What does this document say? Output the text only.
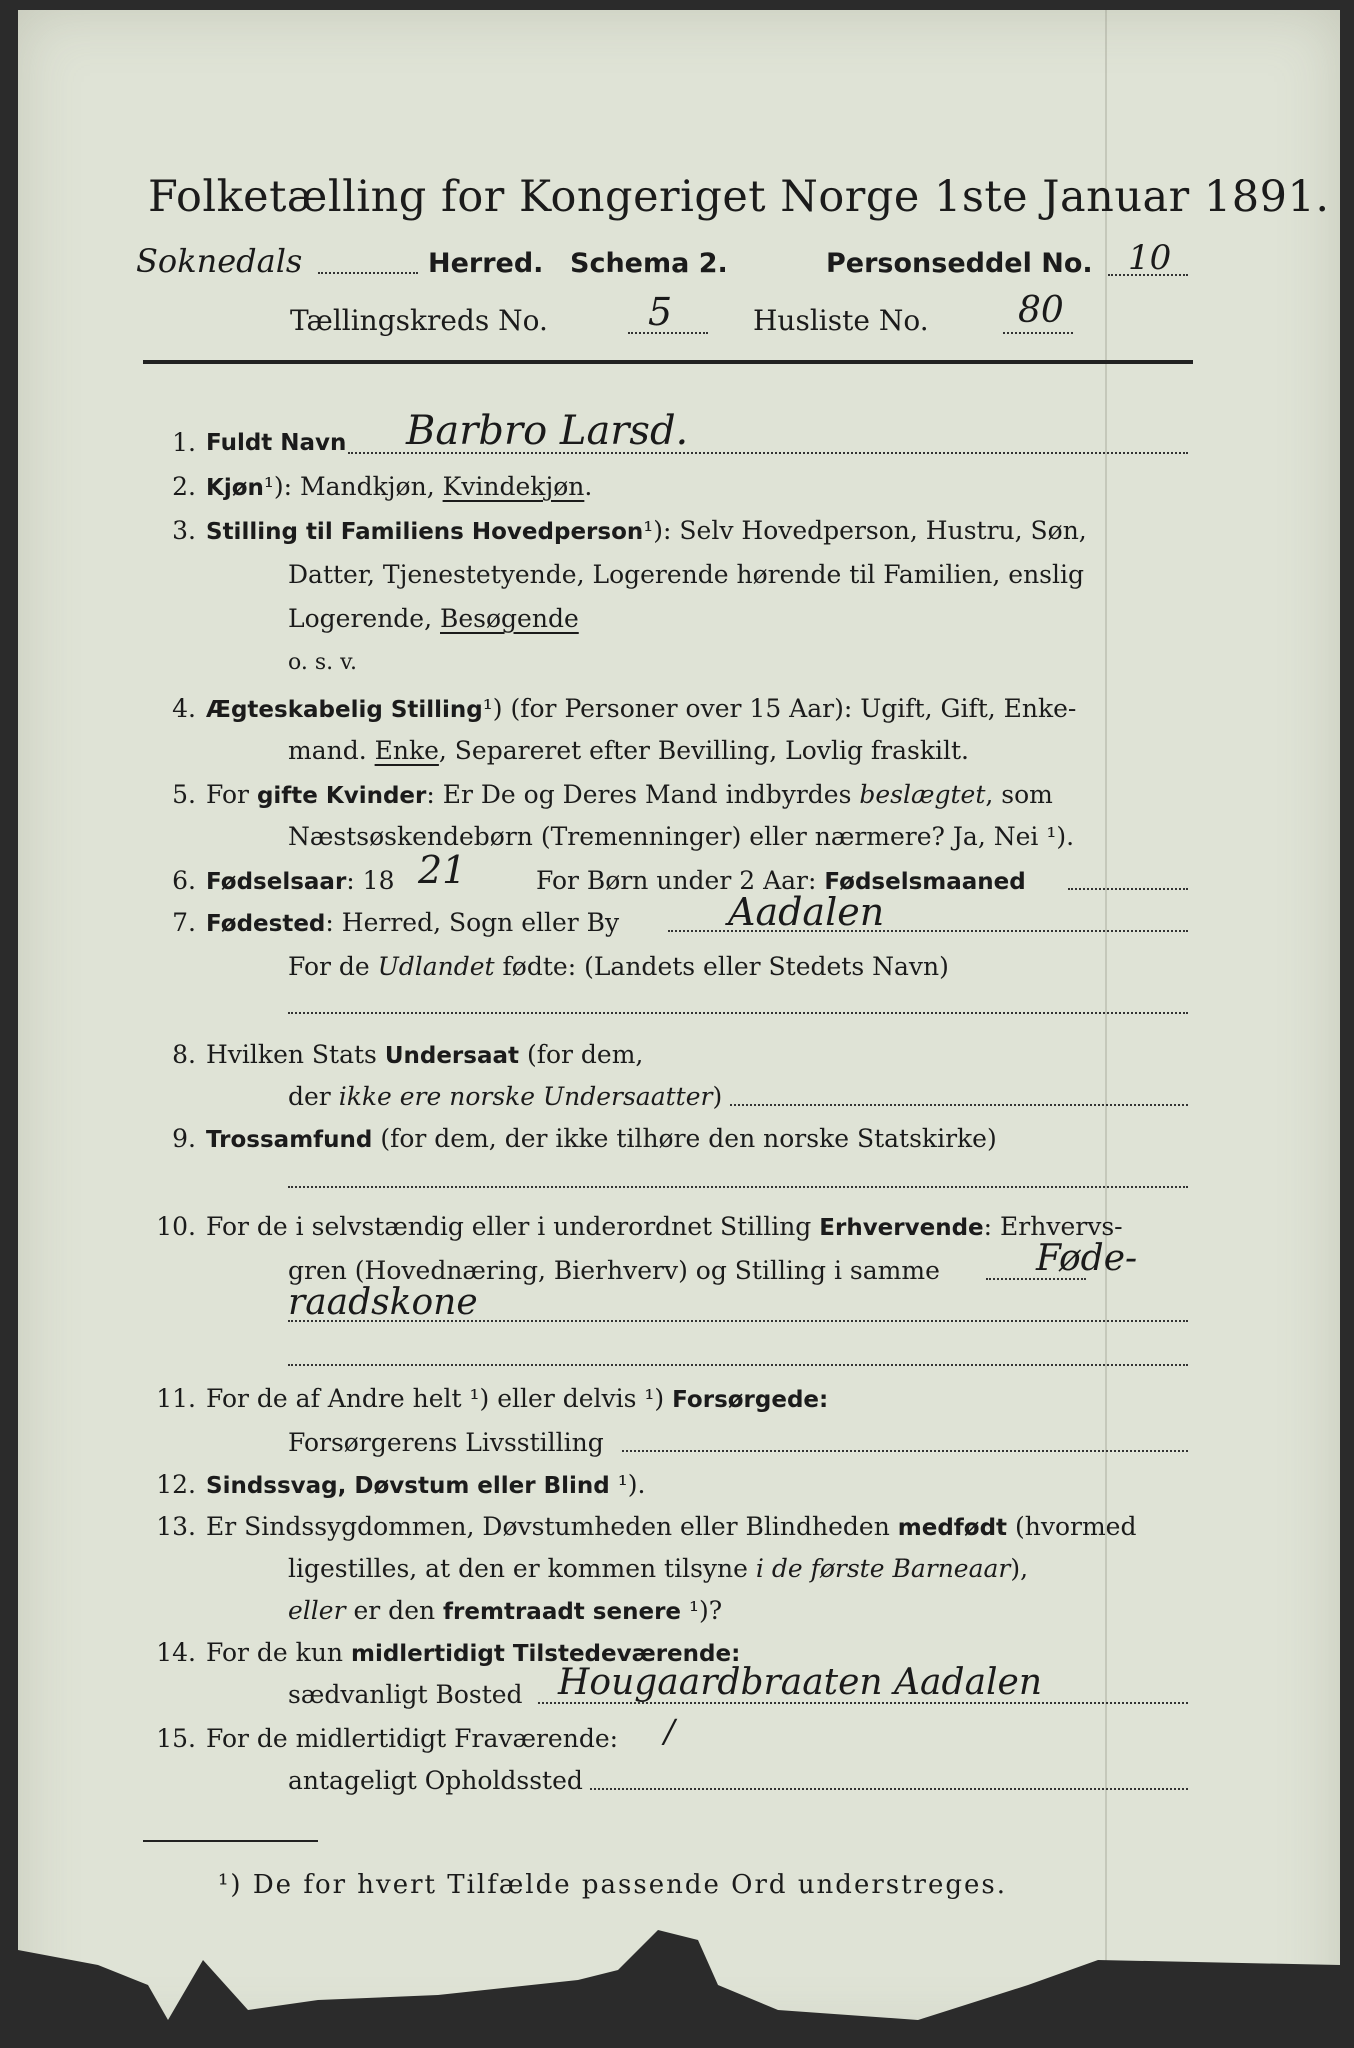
Folketælling for Kongeriget Norge 1ste Januar 1891.
Soknedals	Herred. Schema 2.	Personseddel No. 10
Tællingskreds No.	5	Husliste No. 80
1. Fuldt Navn Barbro Larsd.
2. Kjøn¹): Mandkjøn, Kvindekjøn.
3. Stilling til Familiens Hovedperson¹): Selv Hovedperson, Hustru, Søn,
Datter, Tjenestetyende, Logerende hørende til Familien, enslig
Logerende, Besøgende
o. s. v.
4. Ægteskabelig Stilling¹) (for Personer over 15 Aar): Ugift, Gift, Enke-
mand. Enke, Separeret efter Bevilling, Lovlig fraskilt.
5. For gifte Kvinder: Er De og Deres Mand indbyrdes beslægtet, som
Næstsøskendebørn (Tremenninger) eller nærmere? Ja, Nei ¹).
6. Fødselsaar: 18 21	For Børn under 2 Aar: Fødselsmaaned
7. Fødested: Herred, Sogn eller By	Aadalen
For de Udlandet fødte: (Landets eller Stedets Navn)
8. Hvilken Stats Undersaat (for dem,
der ikke ere norske Undersaatter)
9. Trossamfund (for dem, der ikke tilhøre den norske Statskirke)
10. For de i selvstændig eller i underordnet Stilling Erhvervende: Erhvervs-
gren (Hovednæring, Bierhverv) og Stilling i samme	Føde-
raadskone
11. For de af Andre helt ¹) eller delvis ¹) Forsørgede:
Forsørgerens Livsstilling
12. Sindssvag, Døvstum eller Blind ¹).
13. Er Sindssygdommen, Døvstumheden eller Blindheden medfødt (hvormed
ligestilles, at den er kommen tilsyne i de første Barneaar),
eller er den fremtraadt senere ¹)?
14. For de kun midlertidigt Tilstedeværende:
sædvanligt Bosted Hougaardbraaten Aadalen
15. For de midlertidigt Fraværende: /
antageligt Opholdssted
¹) De for hvert Tilfælde passende Ord understreges.
